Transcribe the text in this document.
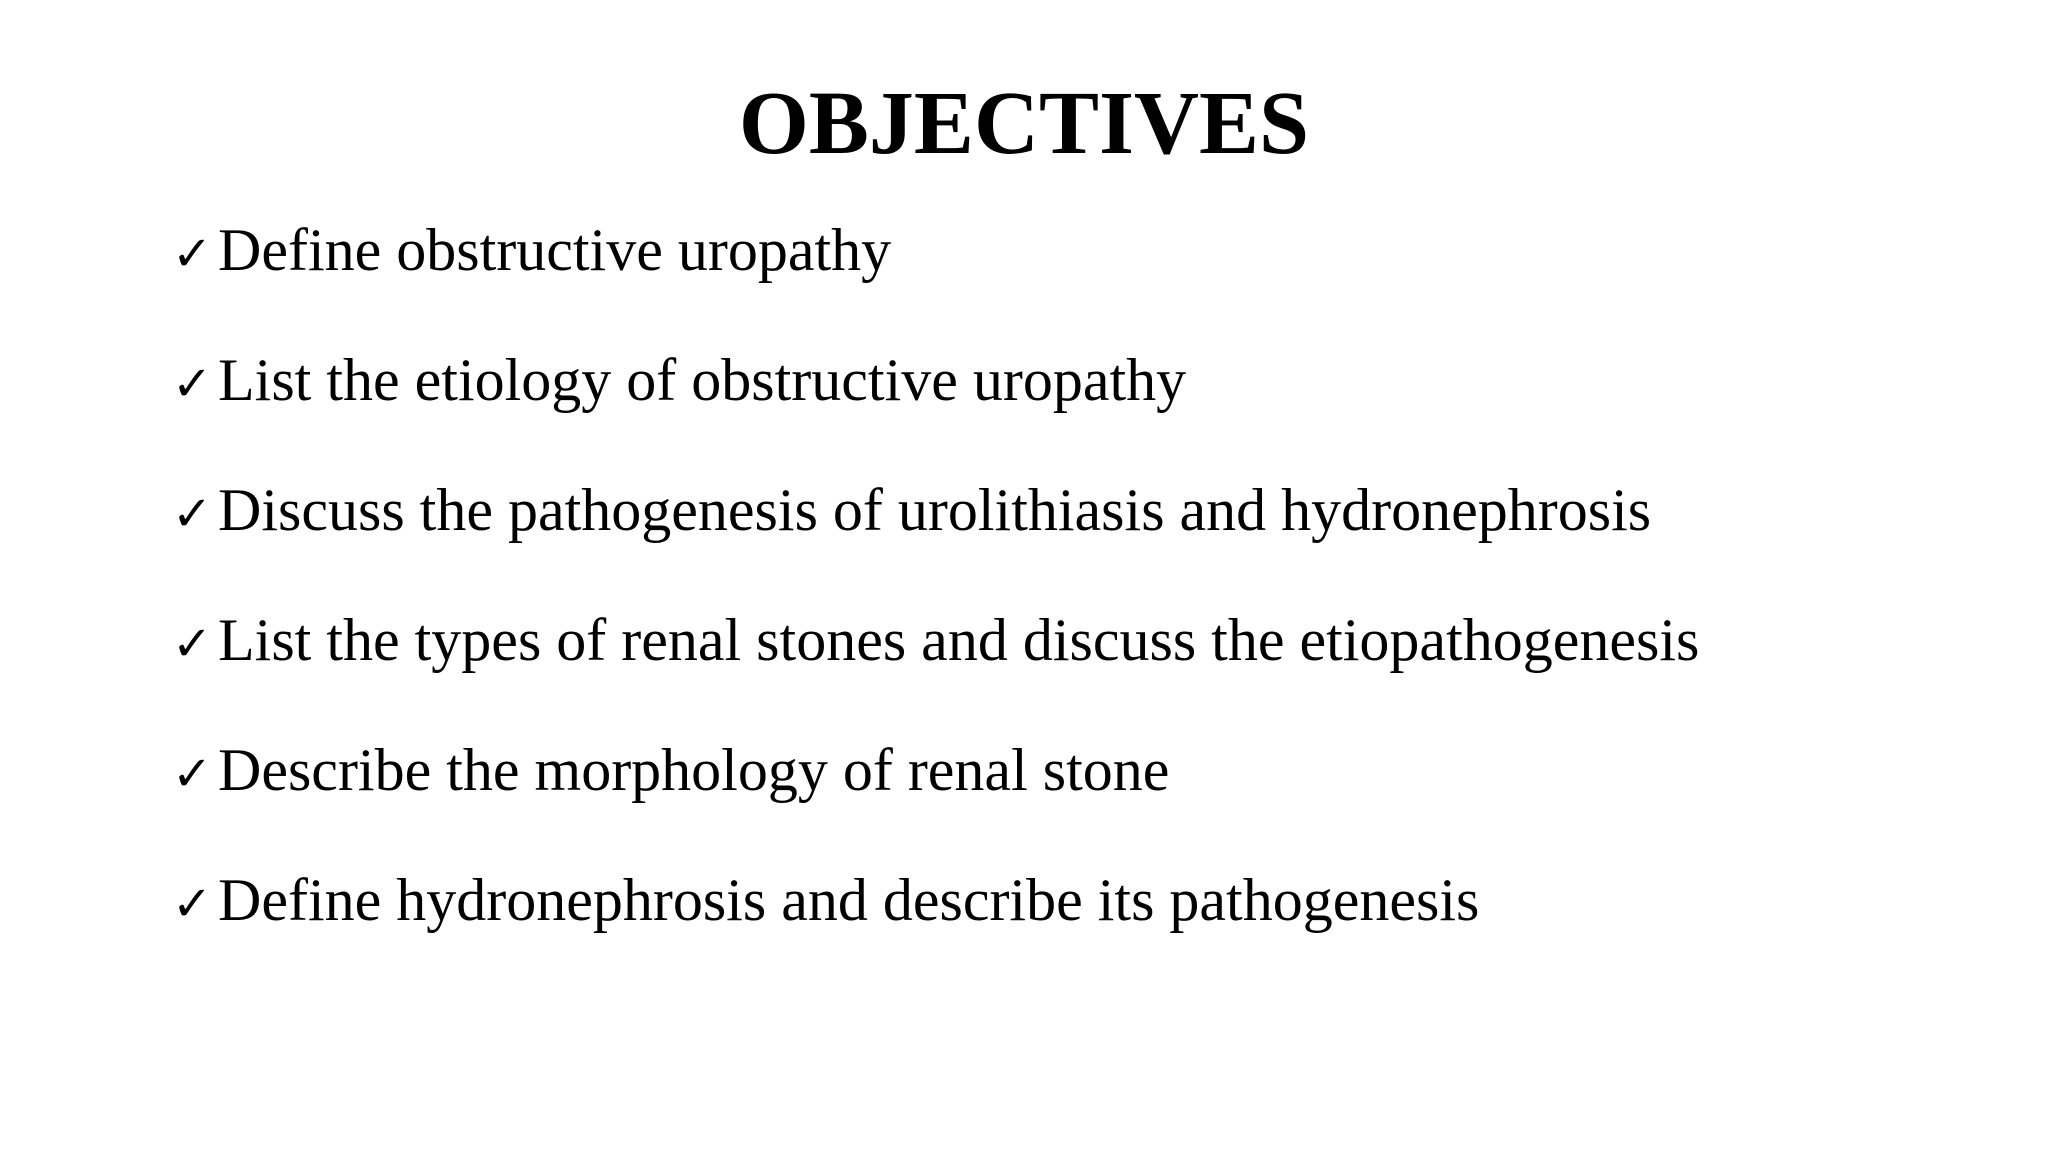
OBJECTIVES
✓ Define obstructive uropathy
✓ List the etiology of obstructive uropathy
✓ Discuss the pathogenesis of urolithiasis and hydronephrosis
✓ List the types of renal stones and discuss the etiopathogenesis
✓ Describe the morphology of renal stone
✓ Define hydronephrosis and describe its pathogenesis
